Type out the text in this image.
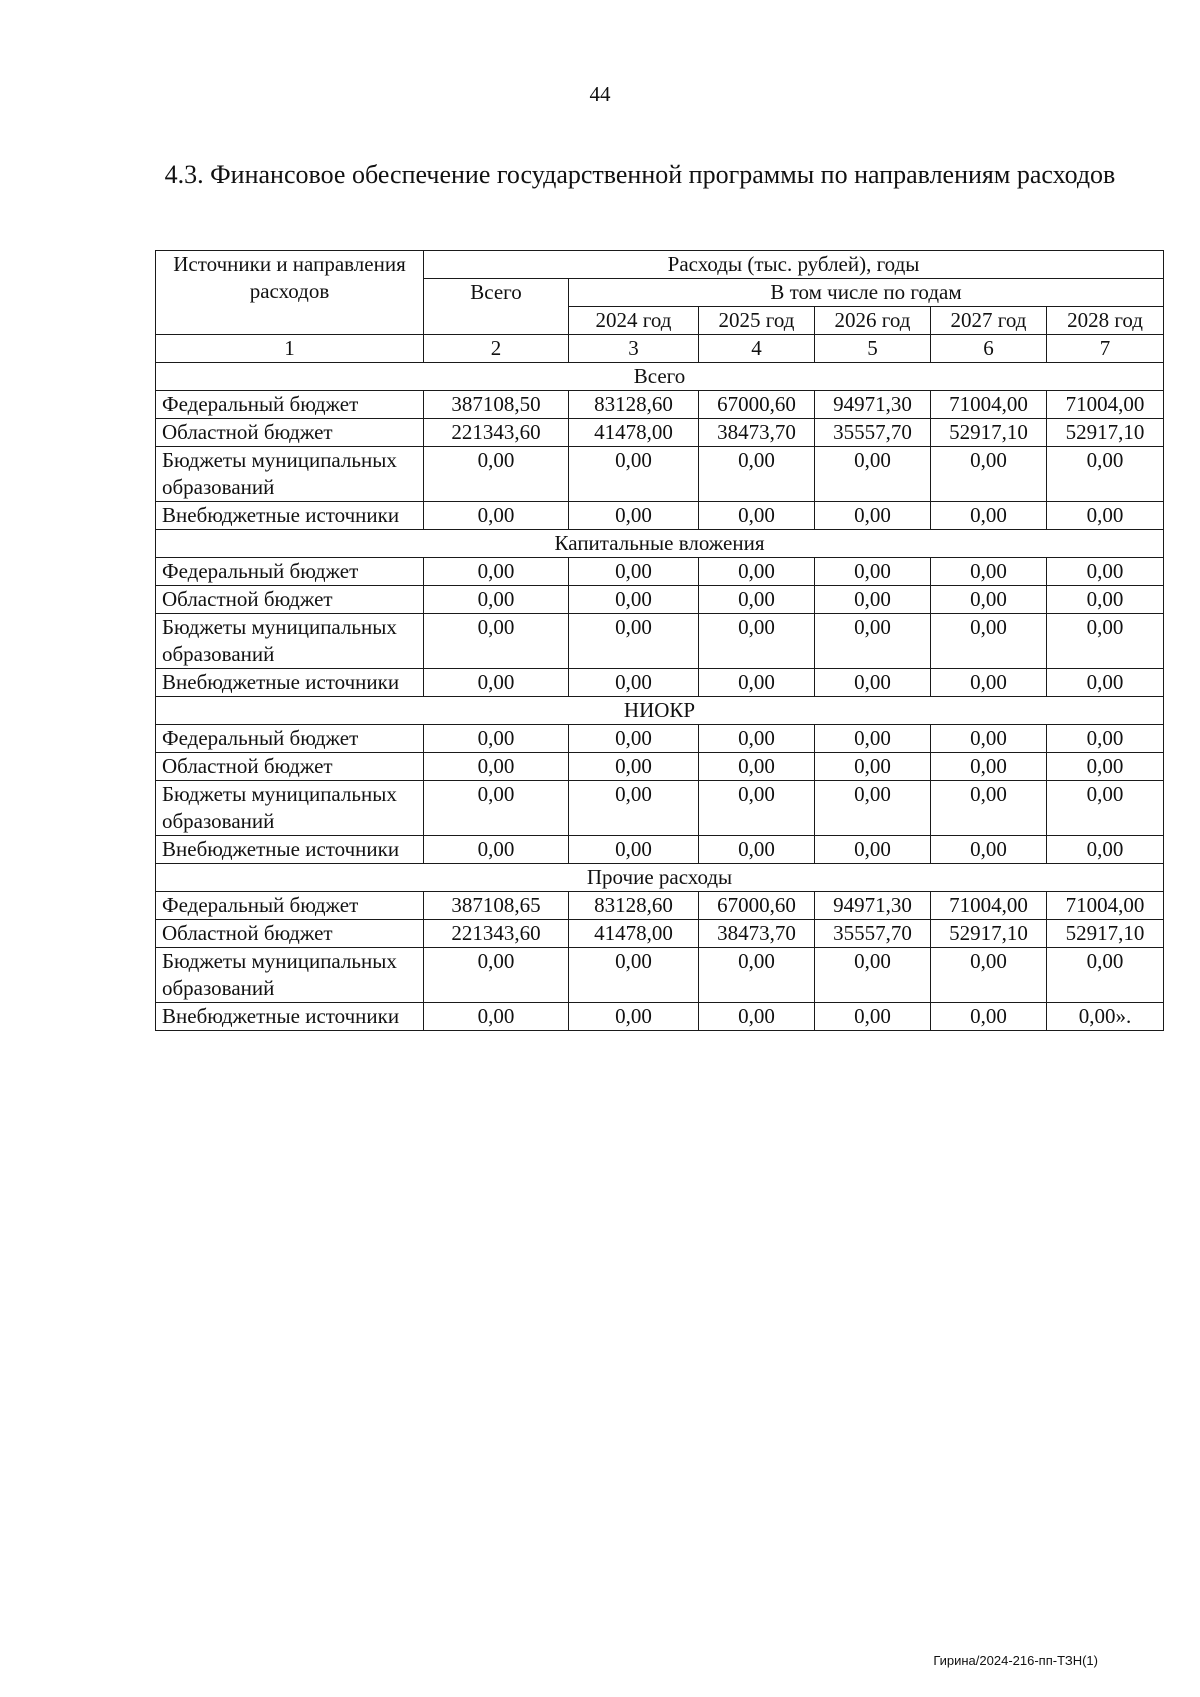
44
4.3. Финансовое обеспечение государственной программы по направлениям расходов
Источники и направления расходов	Расходы (тыс. рублей), годы					
	Всего	В том числе по годам				
		2024 год	2025 год	2026 год	2027 год	2028 год
1	2	3	4	5	6	7
Всего						
Федеральный бюджет	387108,50	83128,60	67000,60	94971,30	71004,00	71004,00
Областной бюджет	221343,60	41478,00	38473,70	35557,70	52917,10	52917,10
Бюджеты муниципальных образований	0,00	0,00	0,00	0,00	0,00	0,00
Внебюджетные источники	0,00	0,00	0,00	0,00	0,00	0,00
Капитальные вложения						
Федеральный бюджет	0,00	0,00	0,00	0,00	0,00	0,00
Областной бюджет	0,00	0,00	0,00	0,00	0,00	0,00
Бюджеты муниципальных образований	0,00	0,00	0,00	0,00	0,00	0,00
Внебюджетные источники	0,00	0,00	0,00	0,00	0,00	0,00
НИОКР						
Федеральный бюджет	0,00	0,00	0,00	0,00	0,00	0,00
Областной бюджет	0,00	0,00	0,00	0,00	0,00	0,00
Бюджеты муниципальных образований	0,00	0,00	0,00	0,00	0,00	0,00
Внебюджетные источники	0,00	0,00	0,00	0,00	0,00	0,00
Прочие расходы						
Федеральный бюджет	387108,65	83128,60	67000,60	94971,30	71004,00	71004,00
Областной бюджет	221343,60	41478,00	38473,70	35557,70	52917,10	52917,10
Бюджеты муниципальных образований	0,00	0,00	0,00	0,00	0,00	0,00
Внебюджетные источники	0,00	0,00	0,00	0,00	0,00	0,00».
Гирина/2024-216-пп-ТЗН(1)
